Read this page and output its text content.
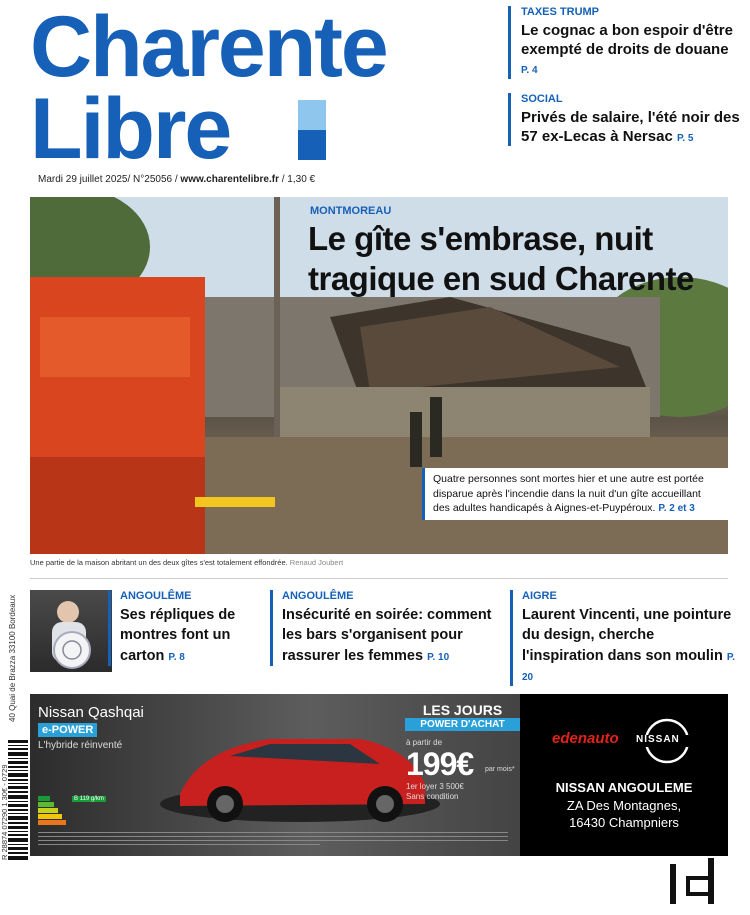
Charente
Libre
Mardi 29 juillet 2025/ N°25056 / www.charentelibre.fr / 1,30 €
TAXES TRUMP
Le cognac a bon espoir d'être exempté de droits de douane P. 4
SOCIAL
Privés de salaire, l'été noir des 57 ex-Lecas à Nersac P. 5
MONTMOREAU
Le gîte s'embrase, nuit tragique en sud Charente
Quatre personnes sont mortes hier et une autre est portée disparue après l'incendie dans la nuit d'un gîte accueillant des adultes handicapés à Aignes-et-Puypéroux. P. 2 et 3
Une partie de la maison abritant un des deux gîtes s'est totalement effondrée. Renaud Joubert
ANGOULÊME
Ses répliques de montres font un carton P. 8
ANGOULÊME
Insécurité en soirée: comment les bars s'organisent pour rassurer les femmes P. 10
AIGRE
Laurent Vincenti, une pointure du design, cherche l'inspiration dans son moulin P. 20
Nissan Qashqai
e-POWER
L'hybride réinventé
B 119 g/km
LES JOURS
POWER D'ACHAT
à partir de
199€ par mois*
1er loyer 3 500€
Sans condition
edenauto NISSAN
NISSAN ANGOULEME
ZA Des Montagnes,
16430 Champniers
40 Quai de Brazza 33100 Bordeaux
R 28874 07290 1 30€ - 0729
